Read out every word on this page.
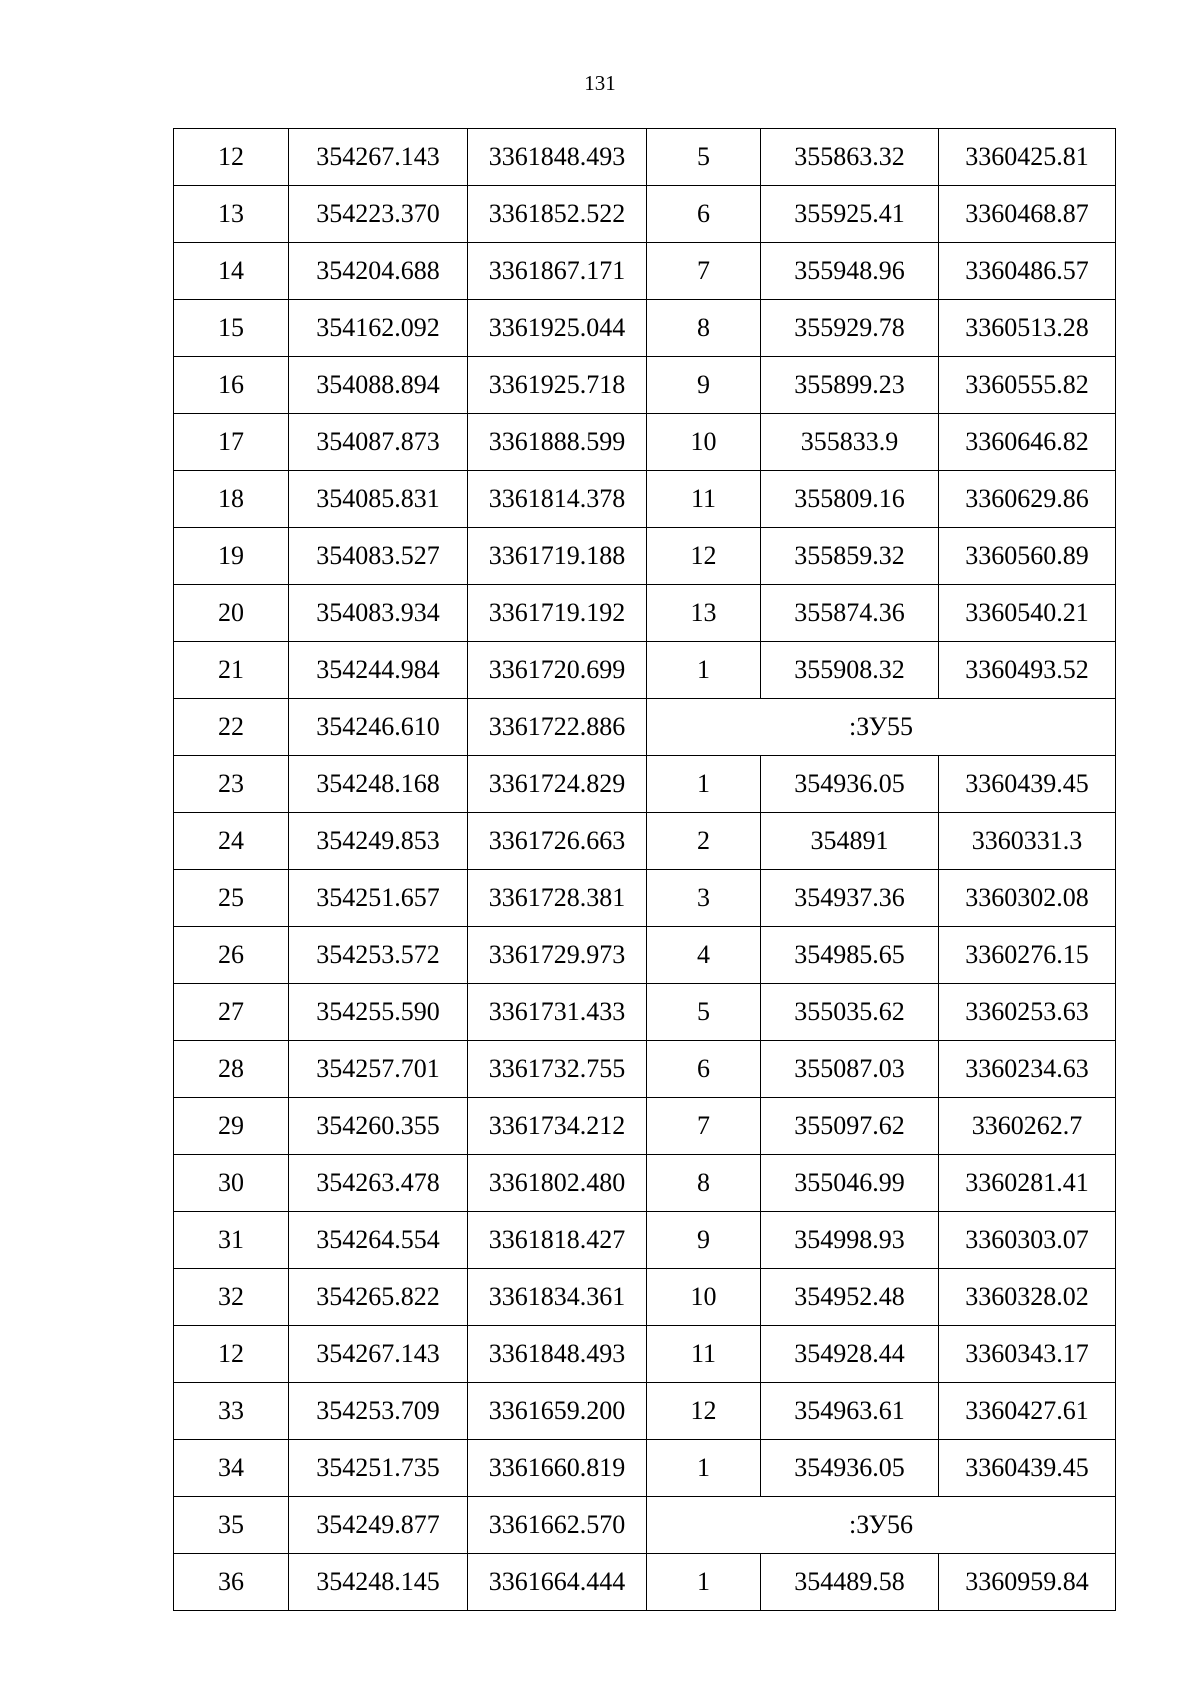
131
12	354267.143	3361848.493	5	355863.32	3360425.81
13	354223.370	3361852.522	6	355925.41	3360468.87
14	354204.688	3361867.171	7	355948.96	3360486.57
15	354162.092	3361925.044	8	355929.78	3360513.28
16	354088.894	3361925.718	9	355899.23	3360555.82
17	354087.873	3361888.599	10	355833.9	3360646.82
18	354085.831	3361814.378	11	355809.16	3360629.86
19	354083.527	3361719.188	12	355859.32	3360560.89
20	354083.934	3361719.192	13	355874.36	3360540.21
21	354244.984	3361720.699	1	355908.32	3360493.52
22	354246.610	3361722.886	:ЗУ55		
23	354248.168	3361724.829	1	354936.05	3360439.45
24	354249.853	3361726.663	2	354891	3360331.3
25	354251.657	3361728.381	3	354937.36	3360302.08
26	354253.572	3361729.973	4	354985.65	3360276.15
27	354255.590	3361731.433	5	355035.62	3360253.63
28	354257.701	3361732.755	6	355087.03	3360234.63
29	354260.355	3361734.212	7	355097.62	3360262.7
30	354263.478	3361802.480	8	355046.99	3360281.41
31	354264.554	3361818.427	9	354998.93	3360303.07
32	354265.822	3361834.361	10	354952.48	3360328.02
12	354267.143	3361848.493	11	354928.44	3360343.17
33	354253.709	3361659.200	12	354963.61	3360427.61
34	354251.735	3361660.819	1	354936.05	3360439.45
35	354249.877	3361662.570	:ЗУ56		
36	354248.145	3361664.444	1	354489.58	3360959.84
